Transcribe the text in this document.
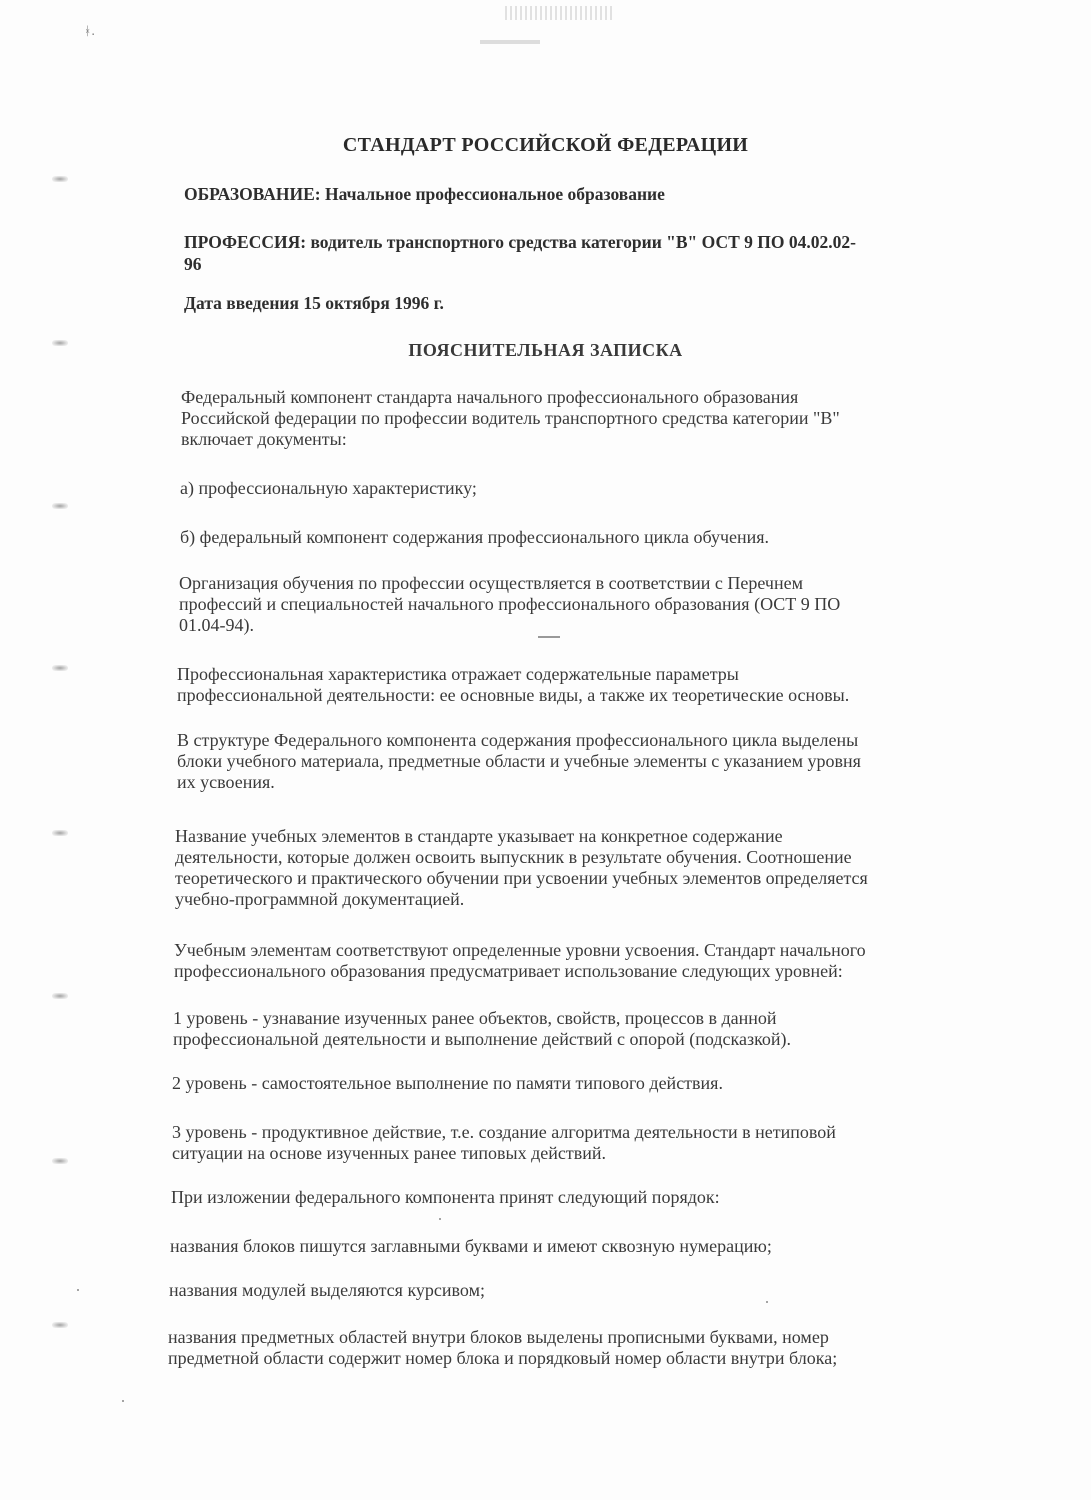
ᚼ.
СТАНДАРТ РОССИЙСКОЙ ФЕДЕРАЦИИ

ОБРАЗОВАНИЕ: Начальное профессиональное образование

ПРОФЕССИЯ: водитель транспортного средства категории "В" ОСТ 9 ПО 04.02.02-
96

Дата введения 15 октября 1996 г.

ПОЯСНИТЕЛЬНАЯ ЗАПИСКА

Федеральный компонент стандарта начального профессионального образования
Российской федерации по профессии водитель транспортного средства категории "В"
включает документы:

а) профессиональную характеристику;

б) федеральный компонент содержания профессионального цикла обучения.

Организация обучения по профессии осуществляется в соответствии с Перечнем
профессий и специальностей начального профессионального образования (ОСТ 9 ПО
01.04-94).

Профессиональная характеристика отражает содержательные параметры
профессиональной деятельности: ее основные виды, а также их теоретические основы.

В структуре Федерального компонента содержания профессионального цикла выделены
блоки учебного материала, предметные области и учебные элементы с указанием уровня
их усвоения.

Название учебных элементов в стандарте указывает на конкретное содержание
деятельности, которые должен освоить выпускник в результате обучения. Соотношение
теоретического и практического обучении при усвоении учебных элементов определяется
учебно-программной документацией.

Учебным элементам соответствуют определенные уровни усвоения. Стандарт начального
профессионального образования предусматривает использование следующих уровней:

1 уровень - узнавание изученных ранее объектов, свойств, процессов в данной
профессиональной деятельности и выполнение действий с опорой (подсказкой).

2 уровень - самостоятельное выполнение по памяти типового действия.

3 уровень - продуктивное действие, т.е. создание алгоритма деятельности в нетиповой
ситуации на основе изученных ранее типовых действий.

При изложении федерального компонента принят следующий порядок:

названия блоков пишутся заглавными буквами и имеют сквозную нумерацию;

названия модулей выделяются курсивом;

названия предметных областей внутри блоков выделены прописными буквами, номер
предметной области содержит номер блока и порядковый номер области внутри блока;
